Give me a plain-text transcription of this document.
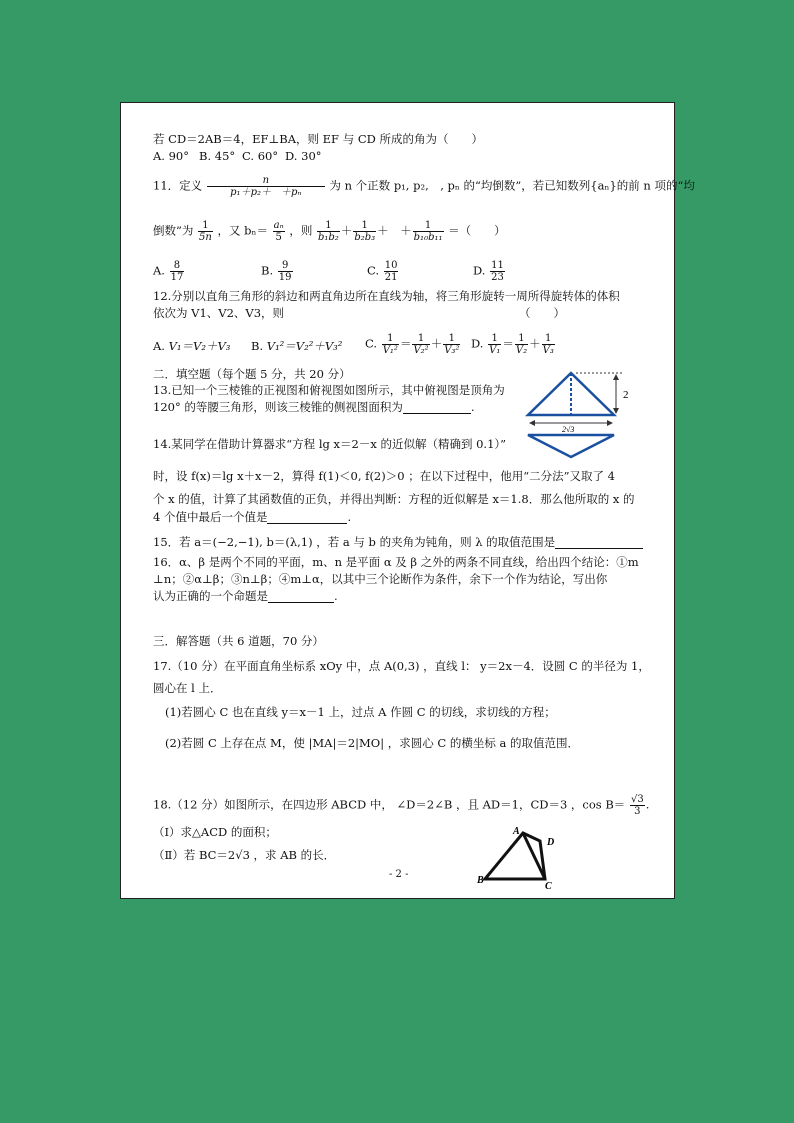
若 CD＝2AB＝4，EF⊥BA，则 EF 与 CD 所成的角为（　　）
A. 90° B. 45° C. 60° D. 30°
11．定义 $\frac{n}{\text{p₁＋p₂＋　＋pₙ}}$ 为 n 个正数 p₁, p₂,　, pₙ 的“均倒数”，若已知数列{aₙ}的前 n 项的“均
倒数”为 $\frac{1}{5n}$ ，又 $b_n= \frac{\text{aₙ}}{5}$ ，则 $\frac{1}{\text{b₁b₂}} + \frac{1}{\text{b₂b₃}}$ ＋　＋ $\frac{1}{\text{b₁₀b₁₁}}$ ＝（　　）
A. $\frac{8}{17}$	B. $\frac{9}{19}$	C. $\frac{10}{21}$	D. $\frac{11}{23}$
12.分别以直角三角形的斜边和两直角边所在直线为轴，将三角形旋转一周所得旋转体的体积
依次为 V1、V2、V3，则	（　　）
A. V₁＝V₂＋V₃ B. V₁²＝V₂²＋V₃² C. $\frac{1}{\text{V₁²}} = \frac{1}{\text{V₂²}} + \frac{1}{\text{V₃²}} D$. $\frac{1}{\text{V₁}} = \frac{1}{\text{V₂}} + \frac{1}{\text{V₃}}$
二．填空题（每个题 5 分，共 20 分）
13.已知一个三棱锥的正视图和俯视图如图所示，其中俯视图是顶角为
120° 的等腰三角形，则该三棱锥的侧视图面积为	.
2
2√3
14.某同学在借助计算器求“方程 lg x＝2－x 的近似解（精确到 0.1）”
时，设 f(x)＝lg x＋x－2，算得 f(1)＜0, f(2)＞0 ；在以下过程中，他用“二分法”又取了 4
个 x 的值，计算了其函数值的正负，并得出判断：方程的近似解是 x＝1.8．那么他所取的 x 的
4 个值中最后一个值是	.
15．若 a＝(−2,−1), b＝(λ,1) ，若 a 与 b 的夹角为钝角，则 λ 的取值范围是
16．α、β 是两个不同的平面，m、n 是平面 α 及 β 之外的两条不同直线，给出四个结论：①m
⊥n；②α⊥β；③n⊥β；④m⊥α，以其中三个论断作为条件，余下一个作为结论，写出你
认为正确的一个命题是	.
三．解答题（共 6 道题，70 分）
17.（10 分）在平面直角坐标系 xOy 中，点 A(0,3) ，直线 l： y＝2x－4．设圆 C 的半径为 1，
圆心在 l 上．
(1)若圆心 C 也在直线 y＝x－1 上，过点 A 作圆 C 的切线，求切线的方程；
(2)若圆 C 上存在点 M，使 |MA|＝2|MO| ，求圆心 C 的横坐标 a 的取值范围．
18.（12 分）如图所示，在四边形 ABCD 中， ∠D＝2∠B ，且 AD＝1，CD＝3 ，$\cos B= \frac{√3}{3}$ .
（Ⅰ）求△ACD 的面积；
（Ⅱ）若 BC＝2√3 ，求 AB 的长．
A
D
B
C
- 2 -
